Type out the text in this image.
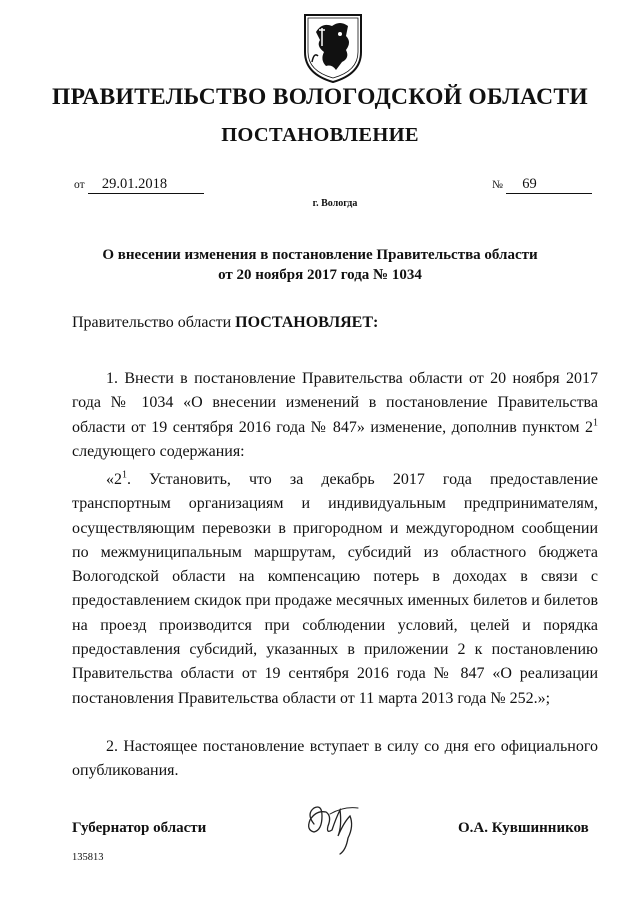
ПРАВИТЕЛЬСТВО ВОЛОГОДСКОЙ ОБЛАСТИ
ПОСТАНОВЛЕНИЕ
от 29.01.2018	№ 69
г. Вологда
О внесении изменения в постановление Правительства области
от 20 ноября 2017 года № 1034
Правительство области ПОСТАНОВЛЯЕТ:

1. Внести в постановление Правительства области от 20 ноября 2017 года № 1034 «О внесении изменений в постановление Правительства области от 19 сентября 2016 года № 847» изменение, дополнив пунктом $2^1$ следующего содержания:

«$2^1$. Установить, что за декабрь 2017 года предоставление транспортным организациям и индивидуальным предпринимателям, осуществляющим перевозки в пригородном и междугородном сообщении по межмуниципальным маршрутам, субсидий из областного бюджета Вологодской области на компенсацию потерь в доходах в связи с предоставлением скидок при продаже месячных именных билетов и билетов на проезд производится при соблюдении условий, целей и порядка предоставления субсидий, указанных в приложении 2 к постановлению Правительства области от 19 сентября 2016 года № 847 «О реализации постановления Правительства области от 11 марта 2013 года № 252.»;

2. Настоящее постановление вступает в силу со дня его официального опубликования.

Губернатор области	О.А. Кувшинников
135813
